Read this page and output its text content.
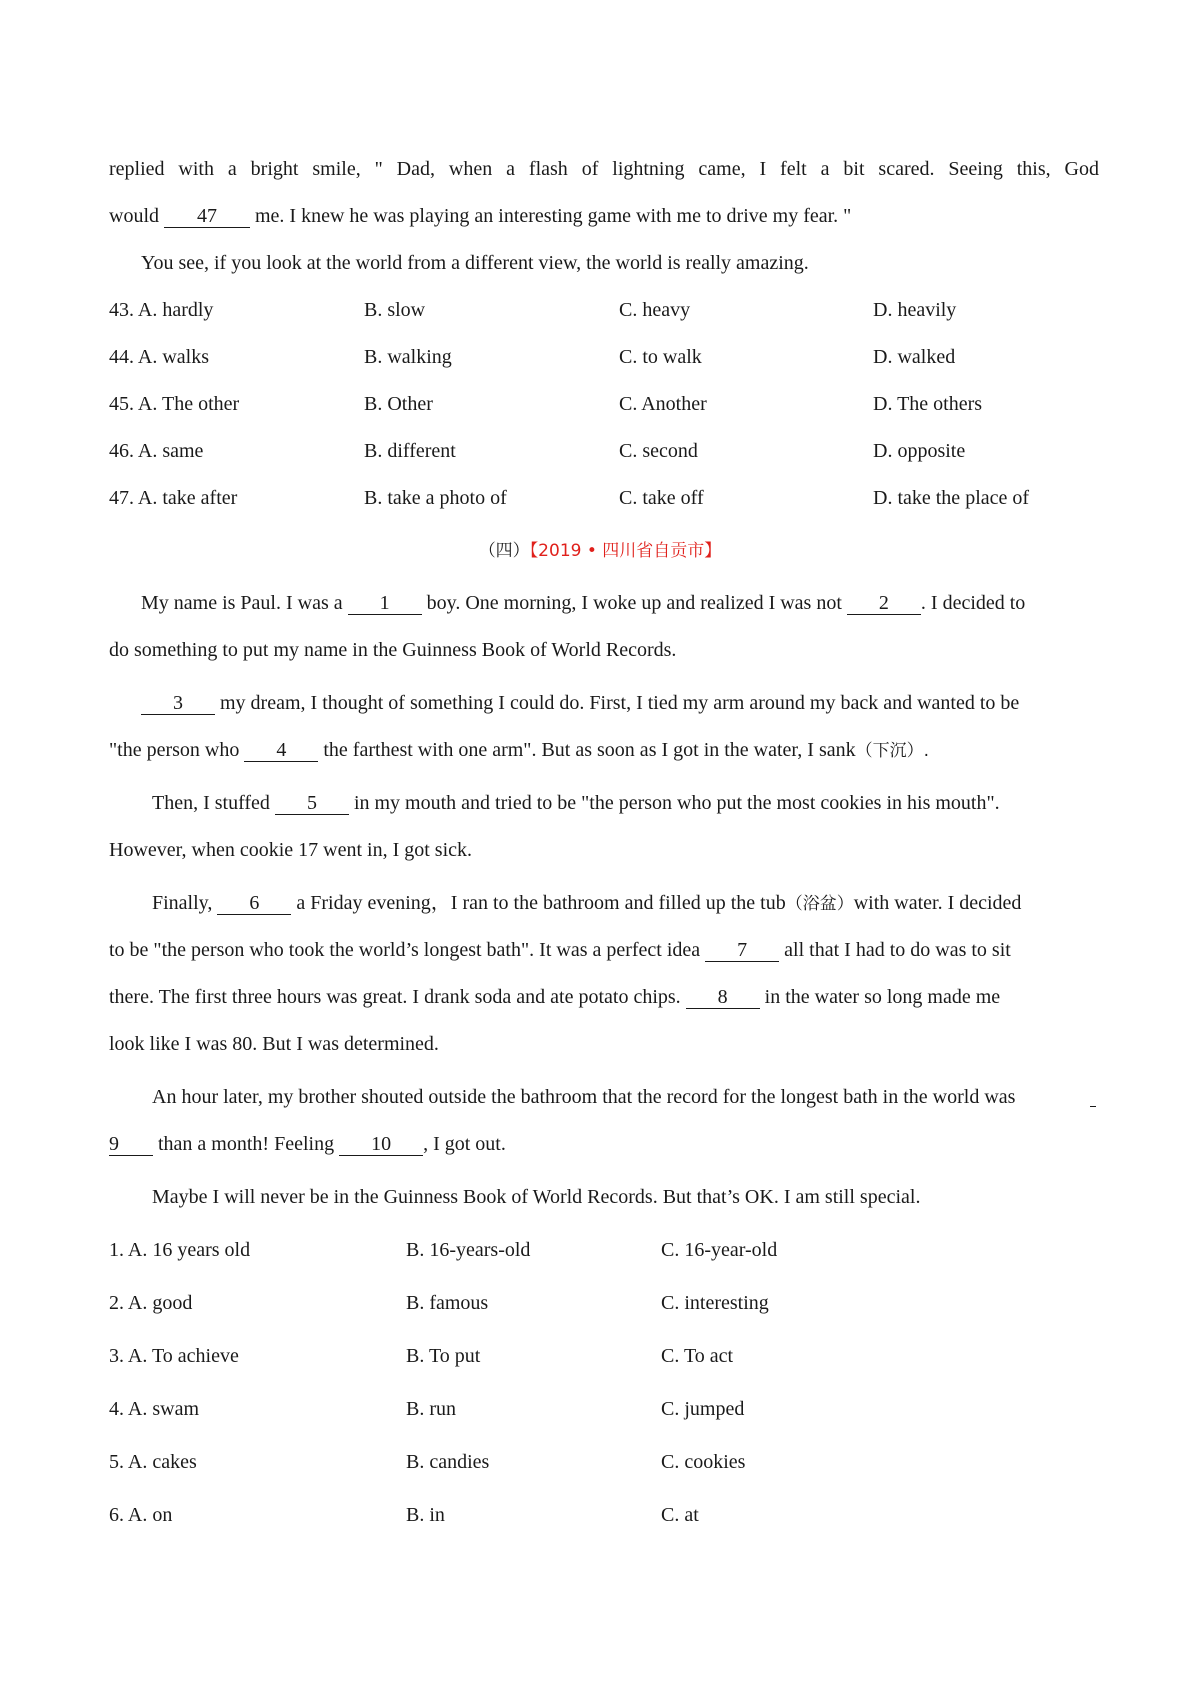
replied with a bright smile, " Dad, when a flash of lightning came, I felt a bit scared. Seeing this, God
would 47 me. I knew he was playing an interesting game with me to drive my fear. "
You see, if you look at the world from a different view, the world is really amazing.
43. A. hardly	B. slow	C. heavy	D. heavily
44. A. walks	B. walking	C. to walk	D. walked
45. A. The other	B. Other	C. Another	D. The others
46. A. same	B. different	C. second	D. opposite
47. A. take after	B. take a photo of	C. take off	D. take the place of
（四）【2019 • 四川省自贡市】
My name is Paul. I was a 1 boy. One morning, I woke up and realized I was not 2 . I decided to
do something to put my name in the Guinness Book of World Records.
3 my dream, I thought of something I could do. First, I tied my arm around my back and wanted to be
"the person who 4 the farthest with one arm". But as soon as I got in the water, I sank（下沉）.
Then, I stuffed 5 in my mouth and tried to be "the person who put the most cookies in his mouth".
However, when cookie 17 went in, I got sick.
Finally, 6 a Friday evening，I ran to the bathroom and filled up the tub（浴盆）with water. I decided
to be "the person who took the world’s longest bath". It was a perfect idea 7 all that I had to do was to sit
there. The first three hours was great. I drank soda and ate potato chips. 8 in the water so long made me
look like I was 80. But I was determined.
An hour later, my brother shouted outside the bathroom that the record for the longest bath in the world was
9 than a month! Feeling 10 , I got out.
Maybe I will never be in the Guinness Book of World Records. But that’s OK. I am still special.
1. A. 16 years old	B. 16-years-old	C. 16-year-old
2. A. good	B. famous	C. interesting
3. A. To achieve	B. To put	C. To act
4. A. swam	B. run	C. jumped
5. A. cakes	B. candies	C. cookies
6. A. on	B. in	C. at
